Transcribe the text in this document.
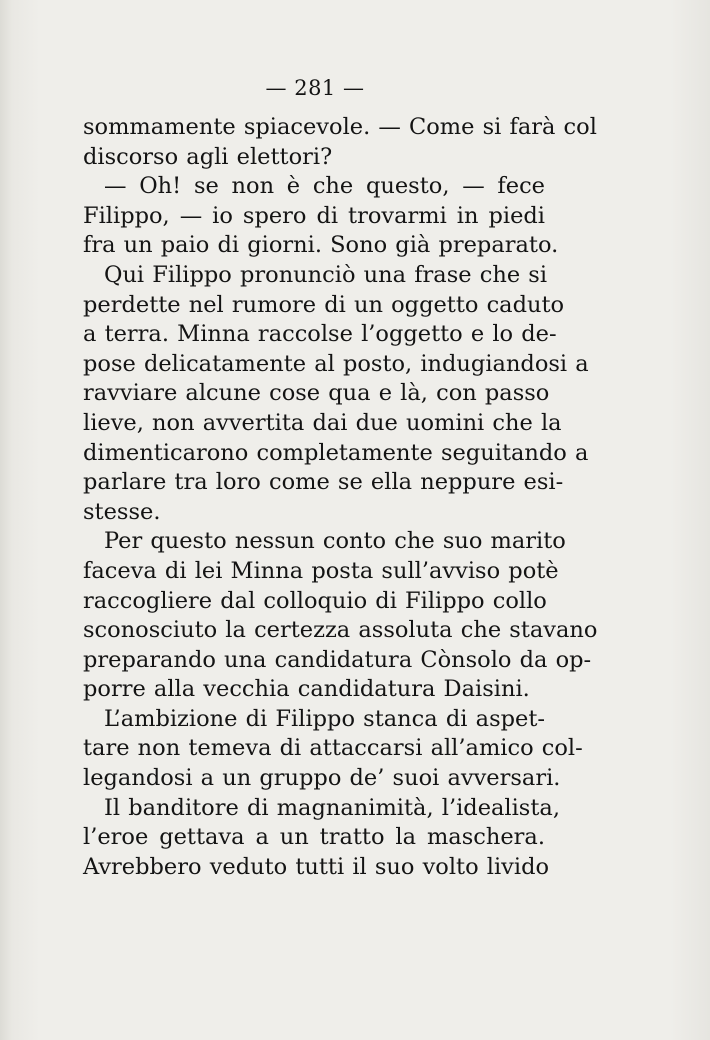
— 281 —
sommamente spiacevole. — Come si farà col
discorso agli elettori?
— Oh! se non è che questo, — fece
Filippo, — io spero di trovarmi in piedi
fra un paio di giorni. Sono già preparato.
Qui Filippo pronunciò una frase che si
perdette nel rumore di un oggetto caduto
a terra. Minna raccolse l’oggetto e lo de-
pose delicatamente al posto, indugiandosi a
ravviare alcune cose qua e là, con passo
lieve, non avvertita dai due uomini che la
dimenticarono completamente seguitando a
parlare tra loro come se ella neppure esi-
stesse.
Per questo nessun conto che suo marito
faceva di lei Minna posta sull’avviso potè
raccogliere dal colloquio di Filippo collo
sconosciuto la certezza assoluta che stavano
preparando una candidatura Cònsolo da op-
porre alla vecchia candidatura Daisini.
L’ambizione di Filippo stanca di aspet-
tare non temeva di attaccarsi all’amico col-
legandosi a un gruppo de’ suoi avversari.
Il banditore di magnanimità, l’idealista,
l’eroe gettava a un tratto la maschera.
Avrebbero veduto tutti il suo volto livido
